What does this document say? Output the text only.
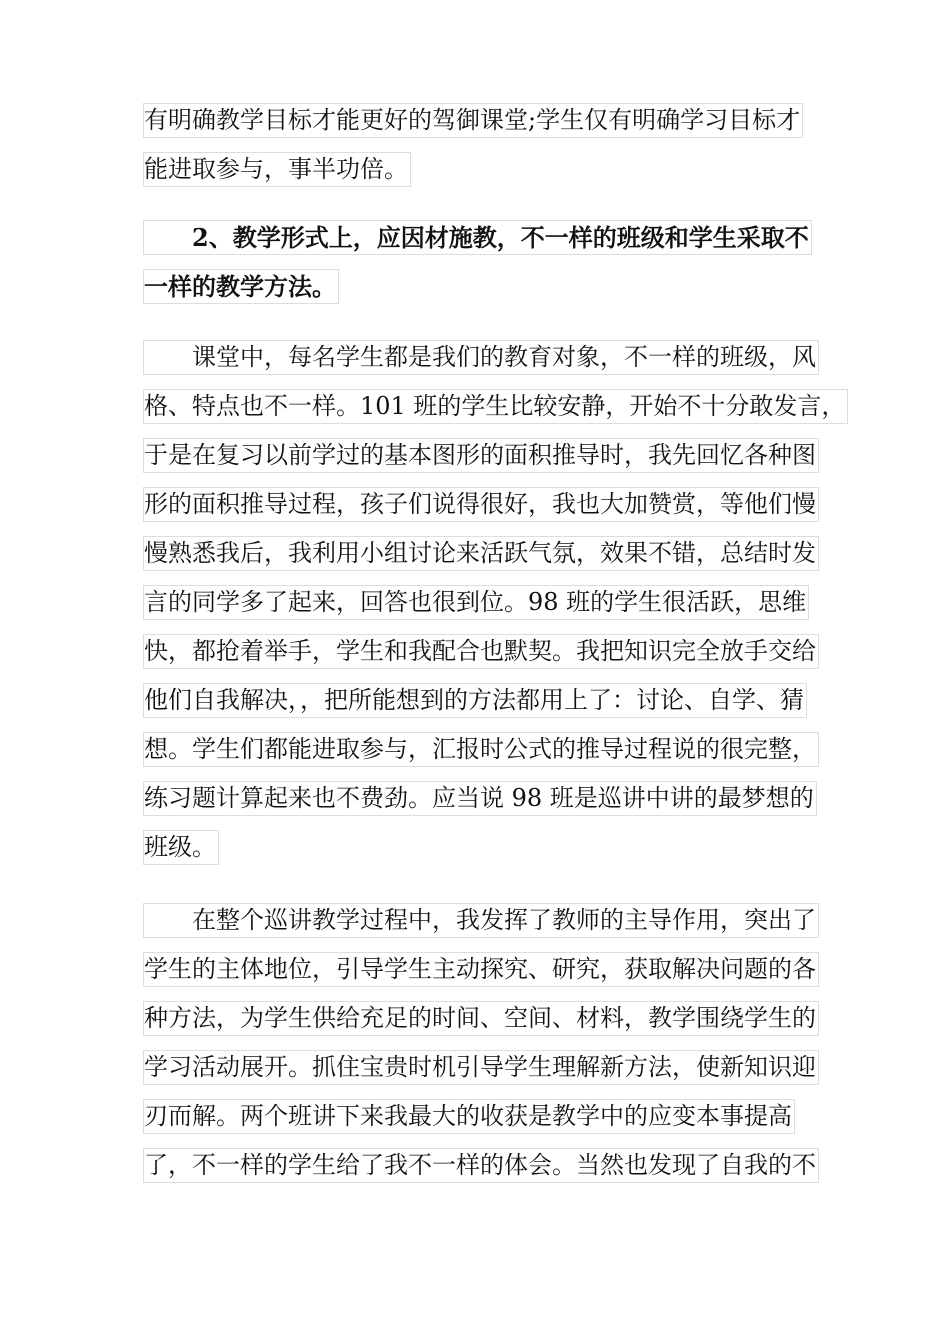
有明确教学目标才能更好的驾御课堂;学生仅有明确学习目标才
能进取参与，事半功倍。
2、教学形式上，应因材施教，不一样的班级和学生采取不
一样的教学方法。
课堂中，每名学生都是我们的教育对象，不一样的班级，风
格、特点也不一样。101 班的学生比较安静，开始不十分敢发言，
于是在复习以前学过的基本图形的面积推导时，我先回忆各种图
形的面积推导过程，孩子们说得很好，我也大加赞赏，等他们慢
慢熟悉我后，我利用小组讨论来活跃气氛，效果不错，总结时发
言的同学多了起来，回答也很到位。98 班的学生很活跃，思维
快，都抢着举手，学生和我配合也默契。我把知识完全放手交给
他们自我解决，，把所能想到的方法都用上了：讨论、自学、猜
想。学生们都能进取参与，汇报时公式的推导过程说的很完整，
练习题计算起来也不费劲。应当说 98 班是巡讲中讲的最梦想的
班级。
在整个巡讲教学过程中，我发挥了教师的主导作用，突出了
学生的主体地位，引导学生主动探究、研究，获取解决问题的各
种方法，为学生供给充足的时间、空间、材料，教学围绕学生的
学习活动展开。抓住宝贵时机引导学生理解新方法，使新知识迎
刃而解。两个班讲下来我最大的收获是教学中的应变本事提高
了，不一样的学生给了我不一样的体会。当然也发现了自我的不
